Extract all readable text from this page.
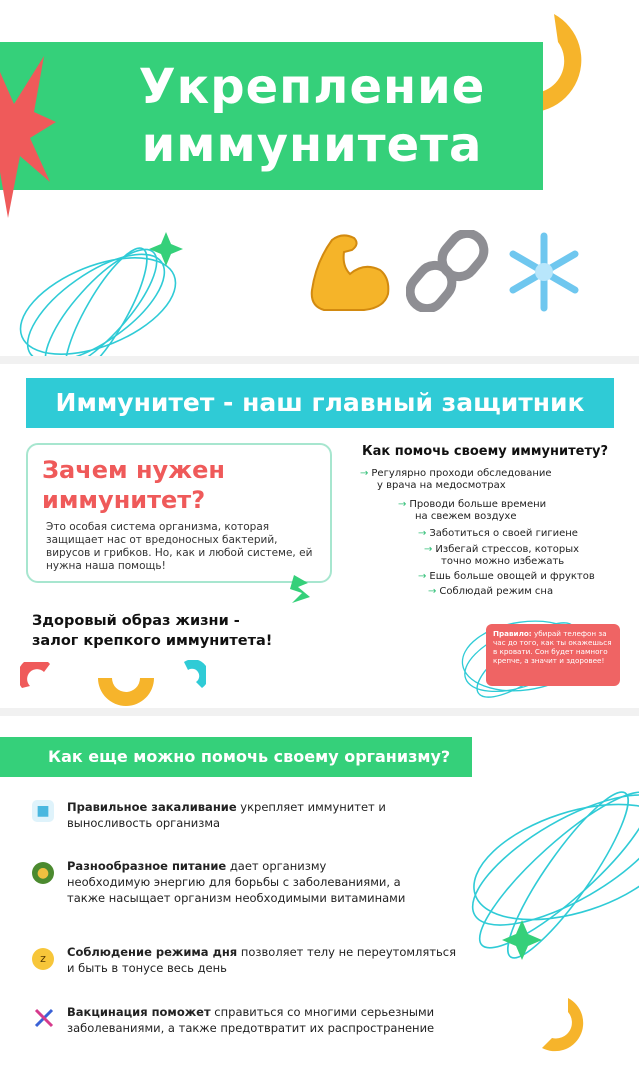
Укрепление
иммунитета
Иммунитет - наш главный защитник
Зачем нужен
иммунитет?
Это особая система организма, которая защищает нас от вредоносных бактерий, вирусов и грибков. Но, как и любой системе, ей нужна наша помощь!
Здоровый образ жизни -
залог крепкого иммунитета!
Как помочь своему иммунитету?
→ Регулярно проходи обследование
у врача на медосмотрах
→ Проводи больше времени
на свежем воздухе
→ Заботиться о своей гигиене
→ Избегай стрессов, которых
точно можно избежать
→ Ешь больше овощей и фруктов
→ Соблюдай режим сна
Правило: убирай телефон за час до того, как ты окажешься в кровати. Сон будет намного крепче, а значит и здоровее!
Как еще можно помочь своему организму?
■	Правильное закаливание укрепляет иммунитет и выносливость организма
●	Разнообразное питание дает организму необходимую энергию для борьбы с заболеваниями, а также насыщает организм необходимыми витаминами
z	Соблюдение режима дня позволяет телу не переутомляться и быть в тонусе весь день
Вакцинация поможет справиться со многими серьезными заболеваниями, а также предотвратит их распространение
